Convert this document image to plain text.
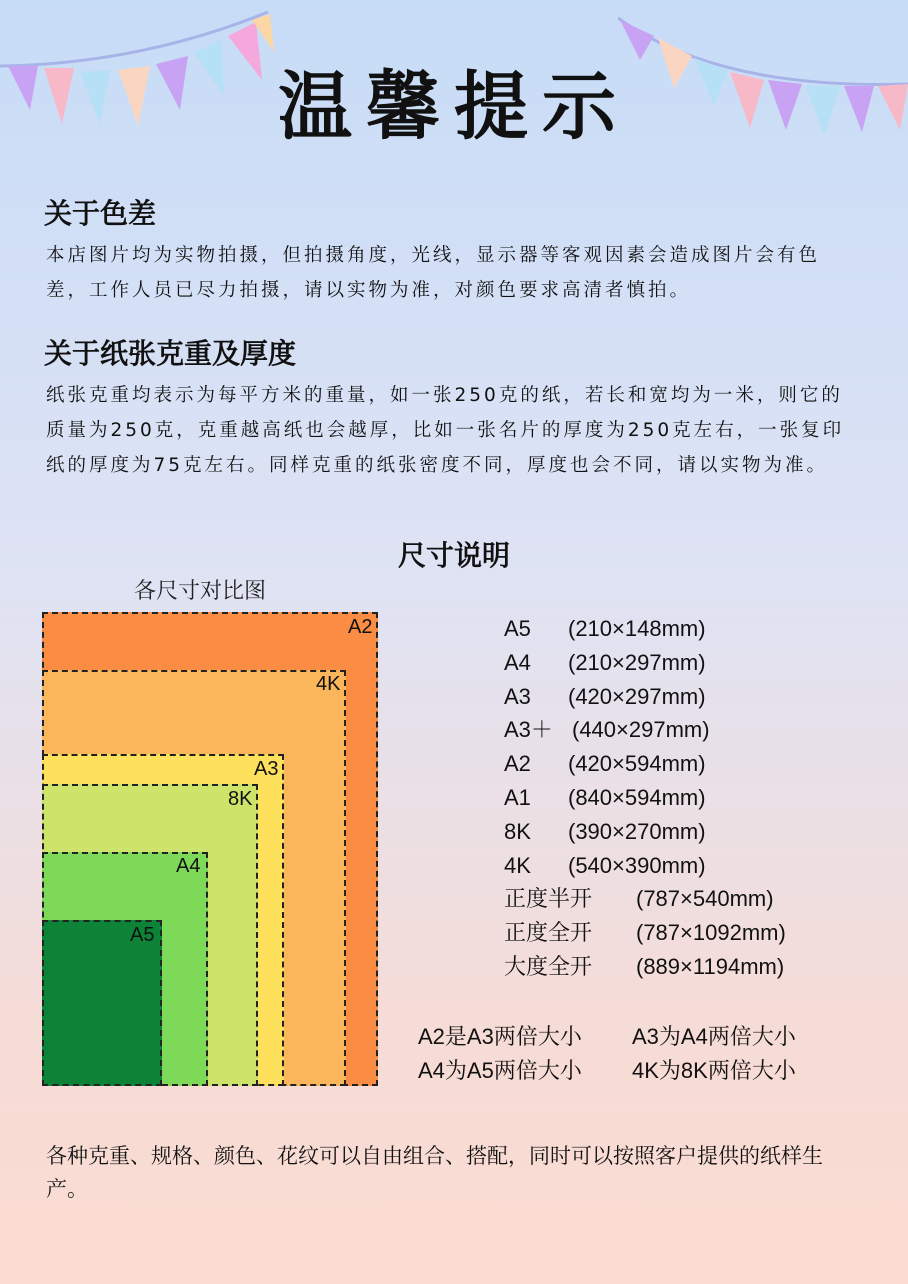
温馨提示
关于色差
本店图片均为实物拍摄，但拍摄角度，光线，显示器等客观因素会造成图片会有色差，工作人员已尽力拍摄，请以实物为准，对颜色要求高清者慎拍。
关于纸张克重及厚度
纸张克重均表示为每平方米的重量，如一张250克的纸，若长和宽均为一米，则它的质量为250克，克重越高纸也会越厚，比如一张名片的厚度为250克左右，一张复印纸的厚度为75克左右。同样克重的纸张密度不同，厚度也会不同，请以实物为准。
尺寸说明
各尺寸对比图
A2
4K
A3
8K
A4
A5
A5 (210×148mm)
A4 (210×297mm)
A3 (420×297mm)
A3＋ (440×297mm)
A2 (420×594mm)
A1 (840×594mm)
8K (390×270mm)
4K (540×390mm)
正度半开 (787×540mm)
正度全开 (787×1092mm)
大度全开 (889×1194mm)
A2是A3两倍大小 A3为A4两倍大小
A4为A5两倍大小 4K为8K两倍大小
各种克重、规格、颜色、花纹可以自由组合、搭配，同时可以按照客户提供的纸样生产。
